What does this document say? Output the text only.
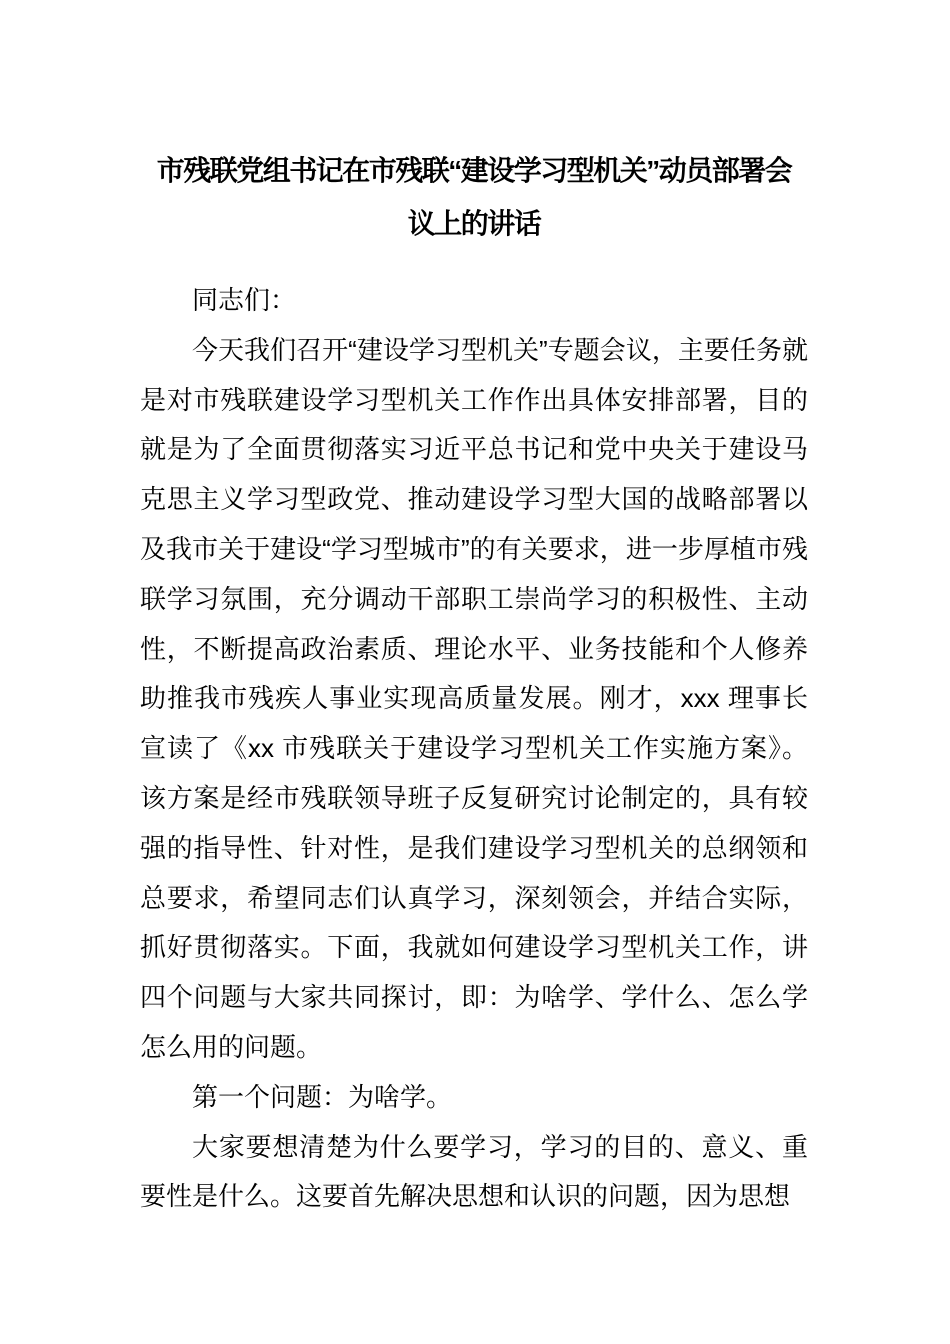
市残联党组书记在市残联“建设学习型机关”动员部署会
议上的讲话

同志们：

今天我们召开“建设学习型机关”专题会议，主要任务就是对市残联建设学习型机关工作作出具体安排部署，目的就是为了全面贯彻落实习近平总书记和党中央关于建设马克思主义学习型政党、推动建设学习型大国的战略部署以及我市关于建设“学习型城市”的有关要求，进一步厚植市残联学习氛围，充分调动干部职工崇尚学习的积极性、主动性，不断提高政治素质、理论水平、业务技能和个人修养助推我市残疾人事业实现高质量发展。刚才，xxx 理事长宣读了《xx 市残联关于建设学习型机关工作实施方案》。该方案是经市残联领导班子反复研究讨论制定的，具有较强的指导性、针对性，是我们建设学习型机关的总纲领和总要求，希望同志们认真学习，深刻领会，并结合实际，抓好贯彻落实。下面，我就如何建设学习型机关工作，讲四个问题与大家共同探讨，即：为啥学、学什么、怎么学怎么用的问题。

第一个问题：为啥学。

大家要想清楚为什么要学习，学习的目的、意义、重要性是什么。这要首先解决思想和认识的问题，因为思想
